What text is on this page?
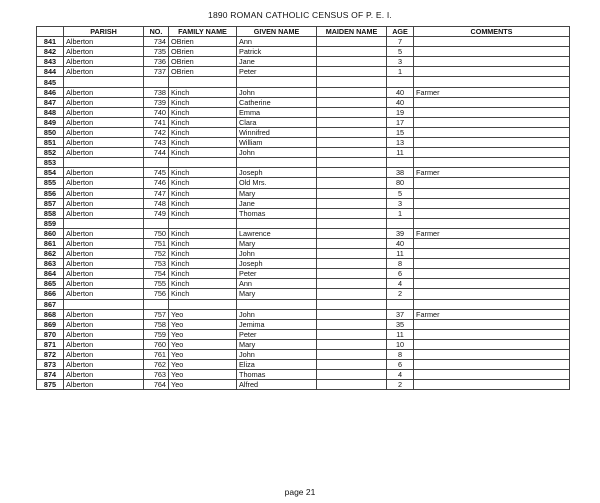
1890 ROMAN CATHOLIC CENSUS OF P. E. I.
	PARISH	NO.	FAMILY NAME	GIVEN NAME	MAIDEN NAME	AGE	COMMENTS
841	Alberton	734	OBrien	Ann		7	
842	Alberton	735	OBrien	Patrick		5	
843	Alberton	736	OBrien	Jane		3	
844	Alberton	737	OBrien	Peter		1	
845							
846	Alberton	738	Kinch	John		40	Farmer
847	Alberton	739	Kinch	Catherine		40	
848	Alberton	740	Kinch	Emma		19	
849	Alberton	741	Kinch	Clara		17	
850	Alberton	742	Kinch	Winnifred		15	
851	Alberton	743	Kinch	William		13	
852	Alberton	744	Kinch	John		11	
853							
854	Alberton	745	Kinch	Joseph		38	Farmer
855	Alberton	746	Kinch	Old Mrs.		80	
856	Alberton	747	Kinch	Mary		5	
857	Alberton	748	Kinch	Jane		3	
858	Alberton	749	Kinch	Thomas		1	
859							
860	Alberton	750	Kinch	Lawrence		39	Farmer
861	Alberton	751	Kinch	Mary		40	
862	Alberton	752	Kinch	John		11	
863	Alberton	753	Kinch	Joseph		8	
864	Alberton	754	Kinch	Peter		6	
865	Alberton	755	Kinch	Ann		4	
866	Alberton	756	Kinch	Mary		2	
867							
868	Alberton	757	Yeo	John		37	Farmer
869	Alberton	758	Yeo	Jemima		35	
870	Alberton	759	Yeo	Peter		11	
871	Alberton	760	Yeo	Mary		10	
872	Alberton	761	Yeo	John		8	
873	Alberton	762	Yeo	Eliza		6	
874	Alberton	763	Yeo	Thomas		4	
875	Alberton	764	Yeo	Alfred		2	
page 21
